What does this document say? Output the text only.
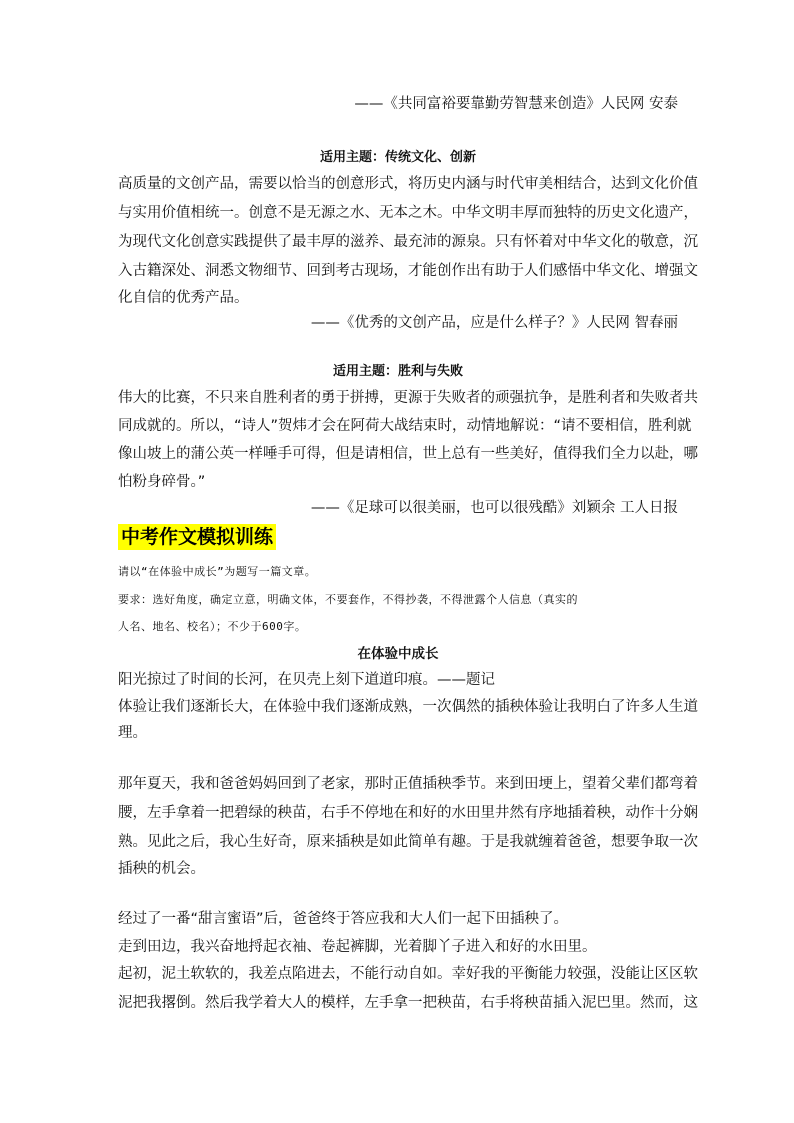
——《共同富裕要靠勤劳智慧来创造》人民网 安泰
适用主题：传统文化、创新
高质量的文创产品，需要以恰当的创意形式，将历史内涵与时代审美相结合，达到文化价值
与实用价值相统一。创意不是无源之水、无本之木。中华文明丰厚而独特的历史文化遗产，
为现代文化创意实践提供了最丰厚的滋养、最充沛的源泉。只有怀着对中华文化的敬意，沉
入古籍深处、洞悉文物细节、回到考古现场，才能创作出有助于人们感悟中华文化、增强文
化自信的优秀产品。
——《优秀的文创产品，应是什么样子？》人民网 智春丽
适用主题：胜利与失败
伟大的比赛，不只来自胜利者的勇于拼搏，更源于失败者的顽强抗争，是胜利者和失败者共
同成就的。所以，“诗人”贺炜才会在阿荷大战结束时，动情地解说：“请不要相信，胜利就
像山坡上的蒲公英一样唾手可得，但是请相信，世上总有一些美好，值得我们全力以赴，哪
怕粉身碎骨。”
——《足球可以很美丽，也可以很残酷》刘颖余 工人日报
中考作文模拟训练
请以“在体验中成长”为题写一篇文章。
要求：选好角度，确定立意，明确文体，不要套作，不得抄袭，不得泄露个人信息（真实的
人名、地名、校名）；不少于600字。
在体验中成长
阳光掠过了时间的长河，在贝壳上刻下道道印痕。——题记
体验让我们逐渐长大，在体验中我们逐渐成熟，一次偶然的插秧体验让我明白了许多人生道
理。
那年夏天，我和爸爸妈妈回到了老家，那时正值插秧季节。来到田埂上，望着父辈们都弯着
腰，左手拿着一把碧绿的秧苗，右手不停地在和好的水田里井然有序地插着秧，动作十分娴
熟。见此之后，我心生好奇，原来插秧是如此简单有趣。于是我就缠着爸爸，想要争取一次
插秧的机会。
经过了一番“甜言蜜语”后，爸爸终于答应我和大人们一起下田插秧了。
走到田边，我兴奋地捋起衣袖、卷起裤脚，光着脚丫子进入和好的水田里。
起初，泥土软软的，我差点陷进去，不能行动自如。幸好我的平衡能力较强，没能让区区软
泥把我撂倒。然后我学着大人的模样，左手拿一把秧苗，右手将秧苗插入泥巴里。然而，这
